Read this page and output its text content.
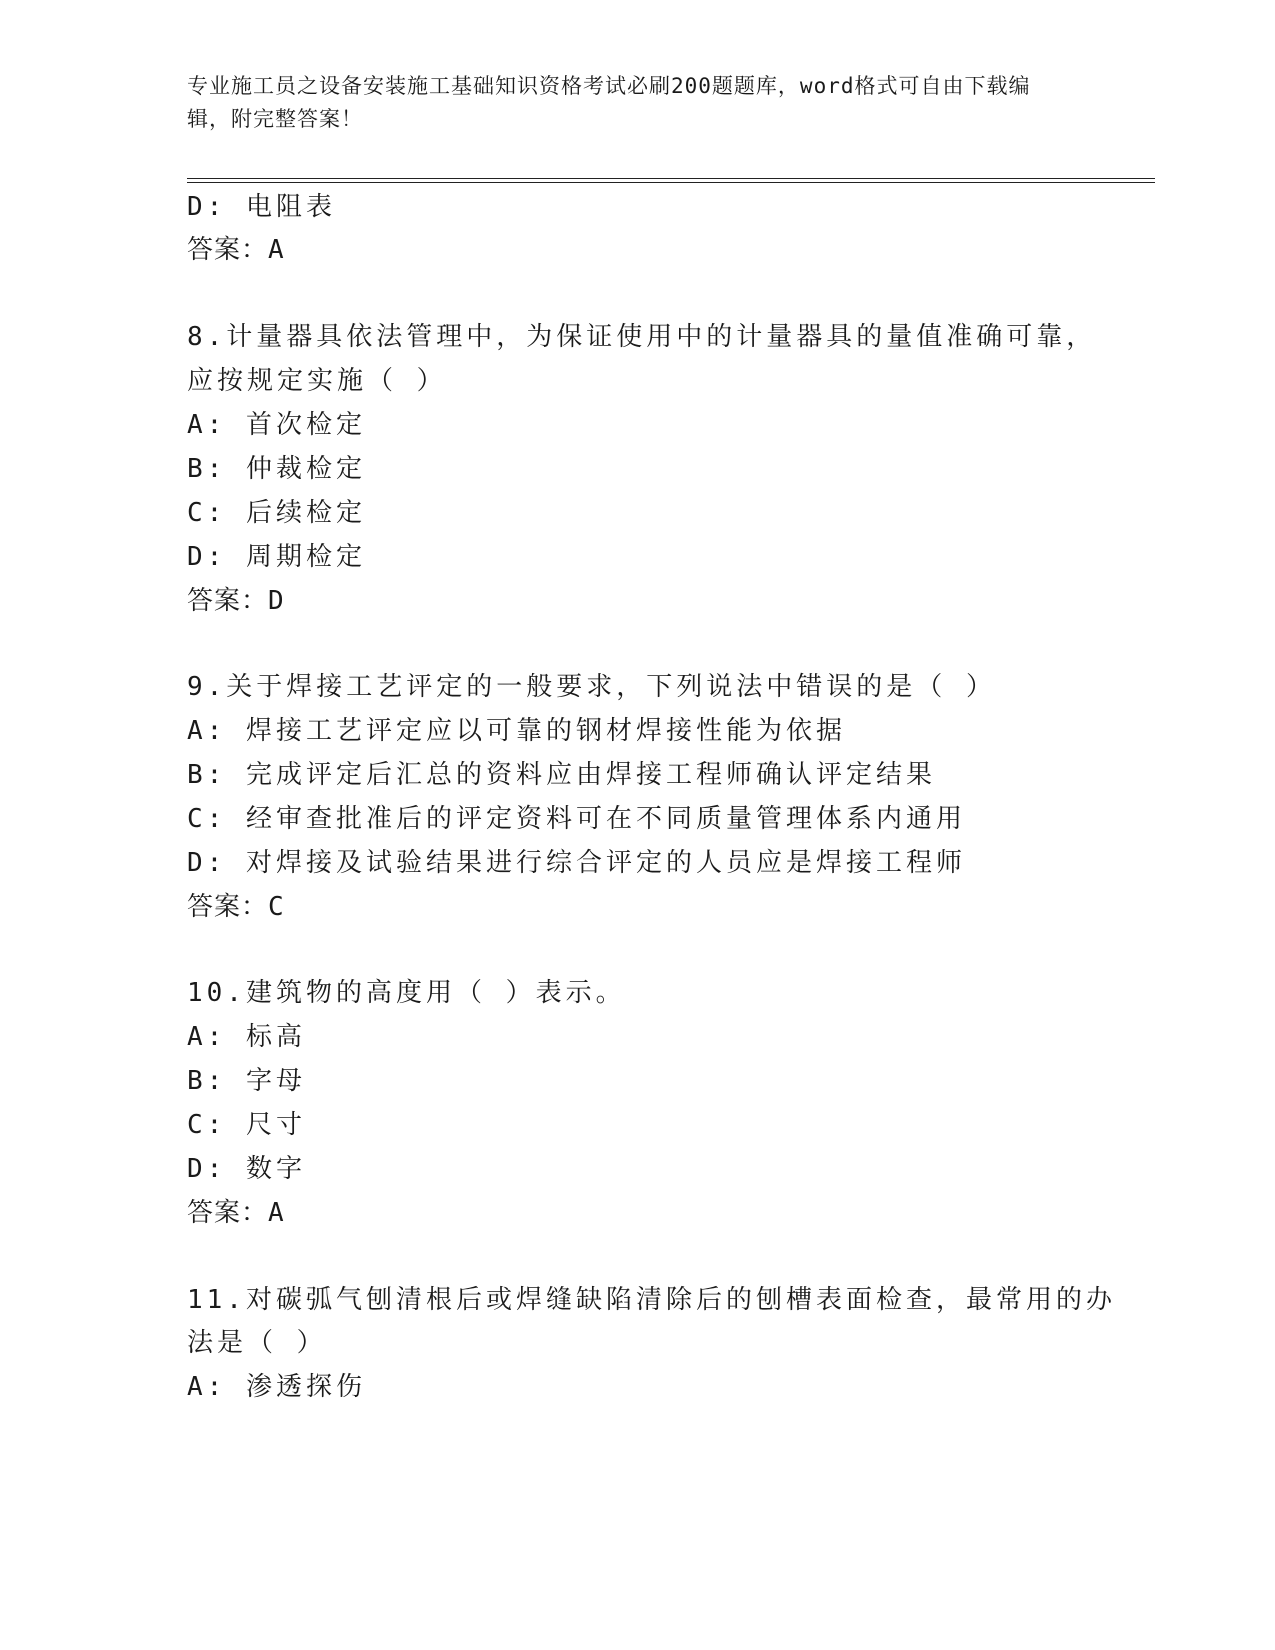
专业施工员之设备安装施工基础知识资格考试必刷200题题库，word格式可自由下载编辑，附完整答案！
D: 电阻表
答案：A
8.计量器具依法管理中，为保证使用中的计量器具的量值准确可靠，
应按规定实施（ ）
A: 首次检定
B: 仲裁检定
C: 后续检定
D: 周期检定
答案：D
9.关于焊接工艺评定的一般要求，下列说法中错误的是（ ）
A: 焊接工艺评定应以可靠的钢材焊接性能为依据
B: 完成评定后汇总的资料应由焊接工程师确认评定结果
C: 经审查批准后的评定资料可在不同质量管理体系内通用
D: 对焊接及试验结果进行综合评定的人员应是焊接工程师
答案：C
10.建筑物的高度用（ ）表示。
A: 标高
B: 字母
C: 尺寸
D: 数字
答案：A
11.对碳弧气刨清根后或焊缝缺陷清除后的刨槽表面检查，最常用的办
法是（ ）
A: 渗透探伤
